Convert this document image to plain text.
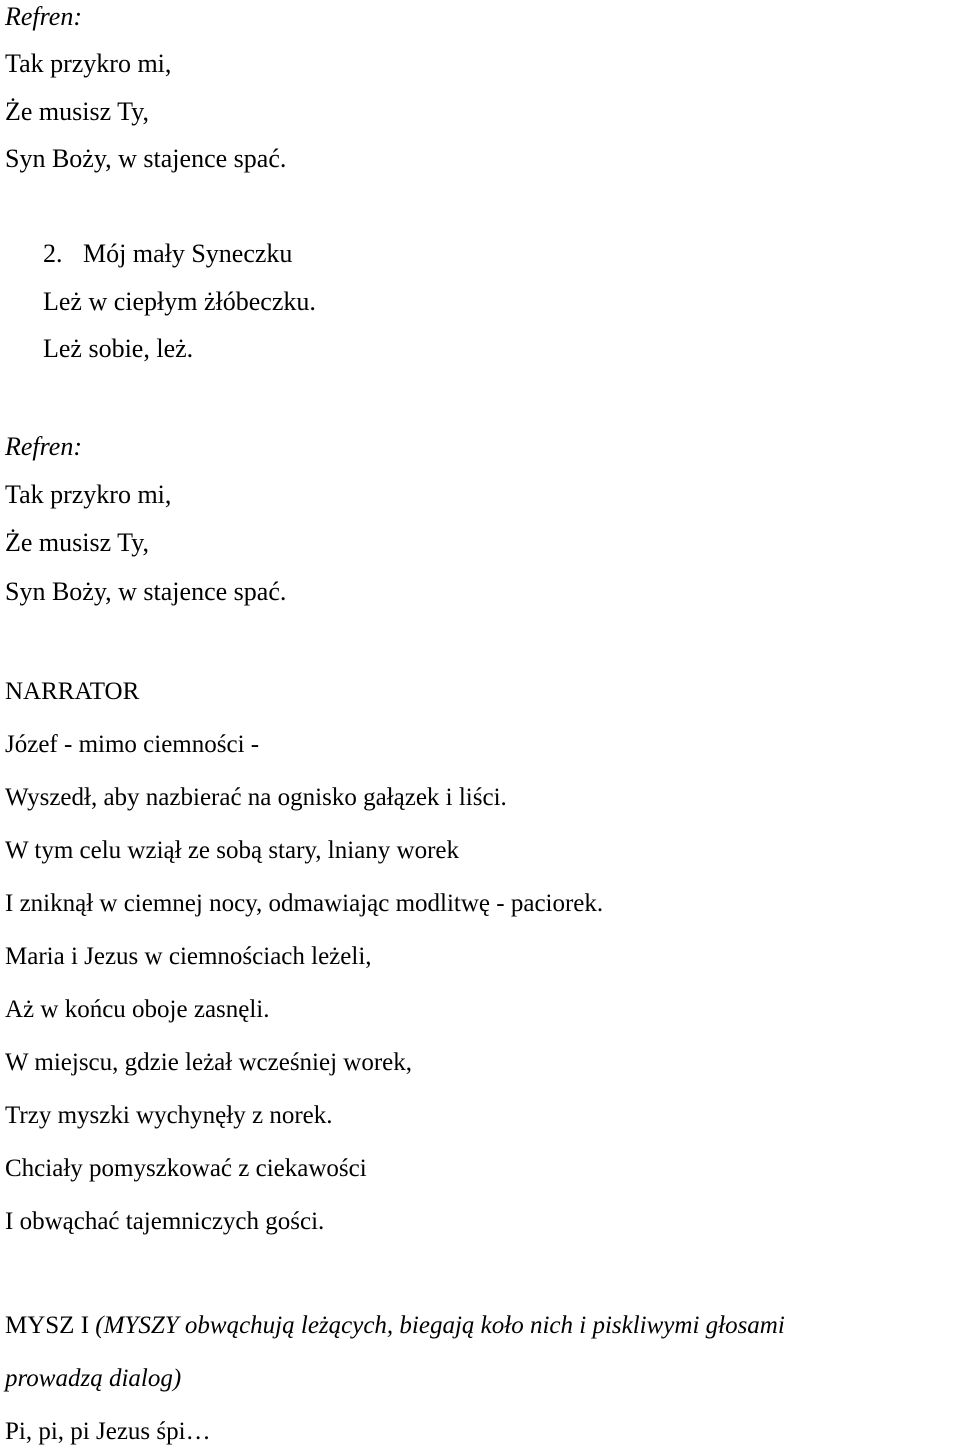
Refren:
Tak przykro mi,
Że musisz Ty,
Syn Boży, w stajence spać.
2. Mój mały Syneczku
Leż w ciepłym żłóbeczku.
Leż sobie, leż.
Refren:
Tak przykro mi,
Że musisz Ty,
Syn Boży, w stajence spać.
NARRATOR
Józef - mimo ciemności -
Wyszedł, aby nazbierać na ognisko gałązek i liści.
W tym celu wziął ze sobą stary, lniany worek
I zniknął w ciemnej nocy, odmawiając modlitwę - paciorek.
Maria i Jezus w ciemnościach leżeli,
Aż w końcu oboje zasnęli.
W miejscu, gdzie leżał wcześniej worek,
Trzy myszki wychynęły z norek.
Chciały pomyszkować z ciekawości
I obwąchać tajemniczych gości.
MYSZ I (MYSZY obwąchują leżących, biegają koło nich i piskliwymi głosami
prowadzą dialog)
Pi, pi, pi Jezus śpi…
